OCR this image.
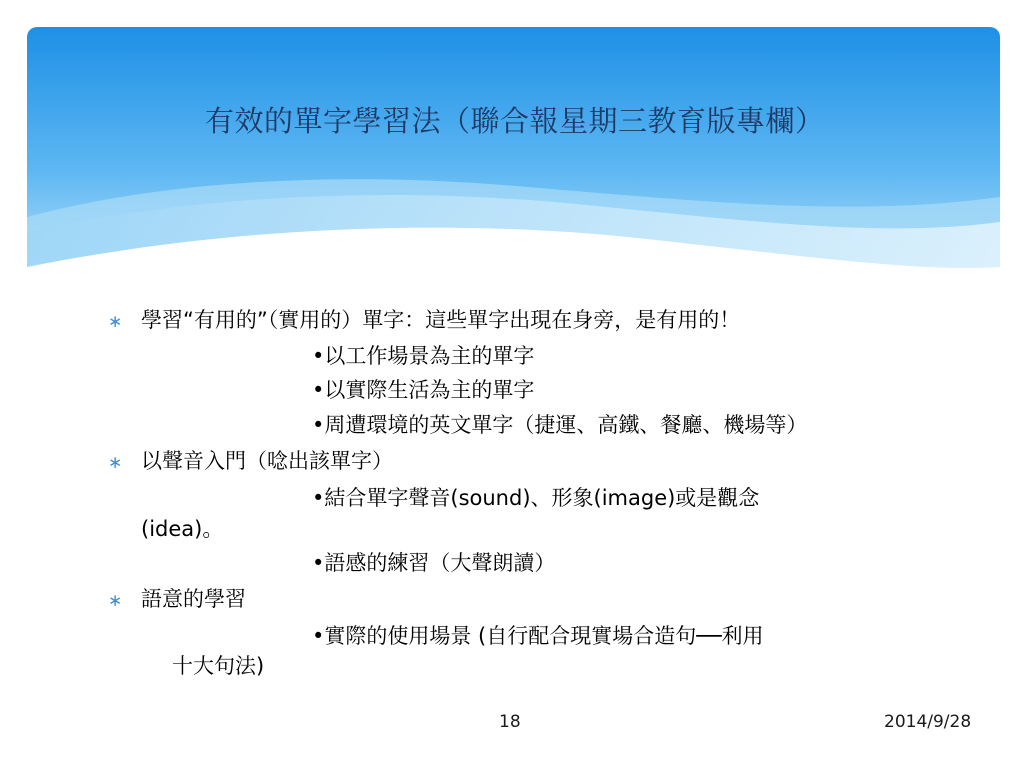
有效的單字學習法（聯合報星期三教育版專欄）
∗ 學習“有用的”（實用的）單字：這些單字出現在身旁，是有用的！
•以工作場景為主的單字
•以實際生活為主的單字
•周遭環境的英文單字（捷運、高鐵、餐廳、機場等）
∗ 以聲音入門（唸出該單字）
•結合單字聲音(sound)、形象(image)或是觀念
(idea)。
•語感的練習（大聲朗讀）
∗ 語意的學習
•實際的使用場景 (自行配合現實場合造句──利用
十大句法)
18	2014/9/28
